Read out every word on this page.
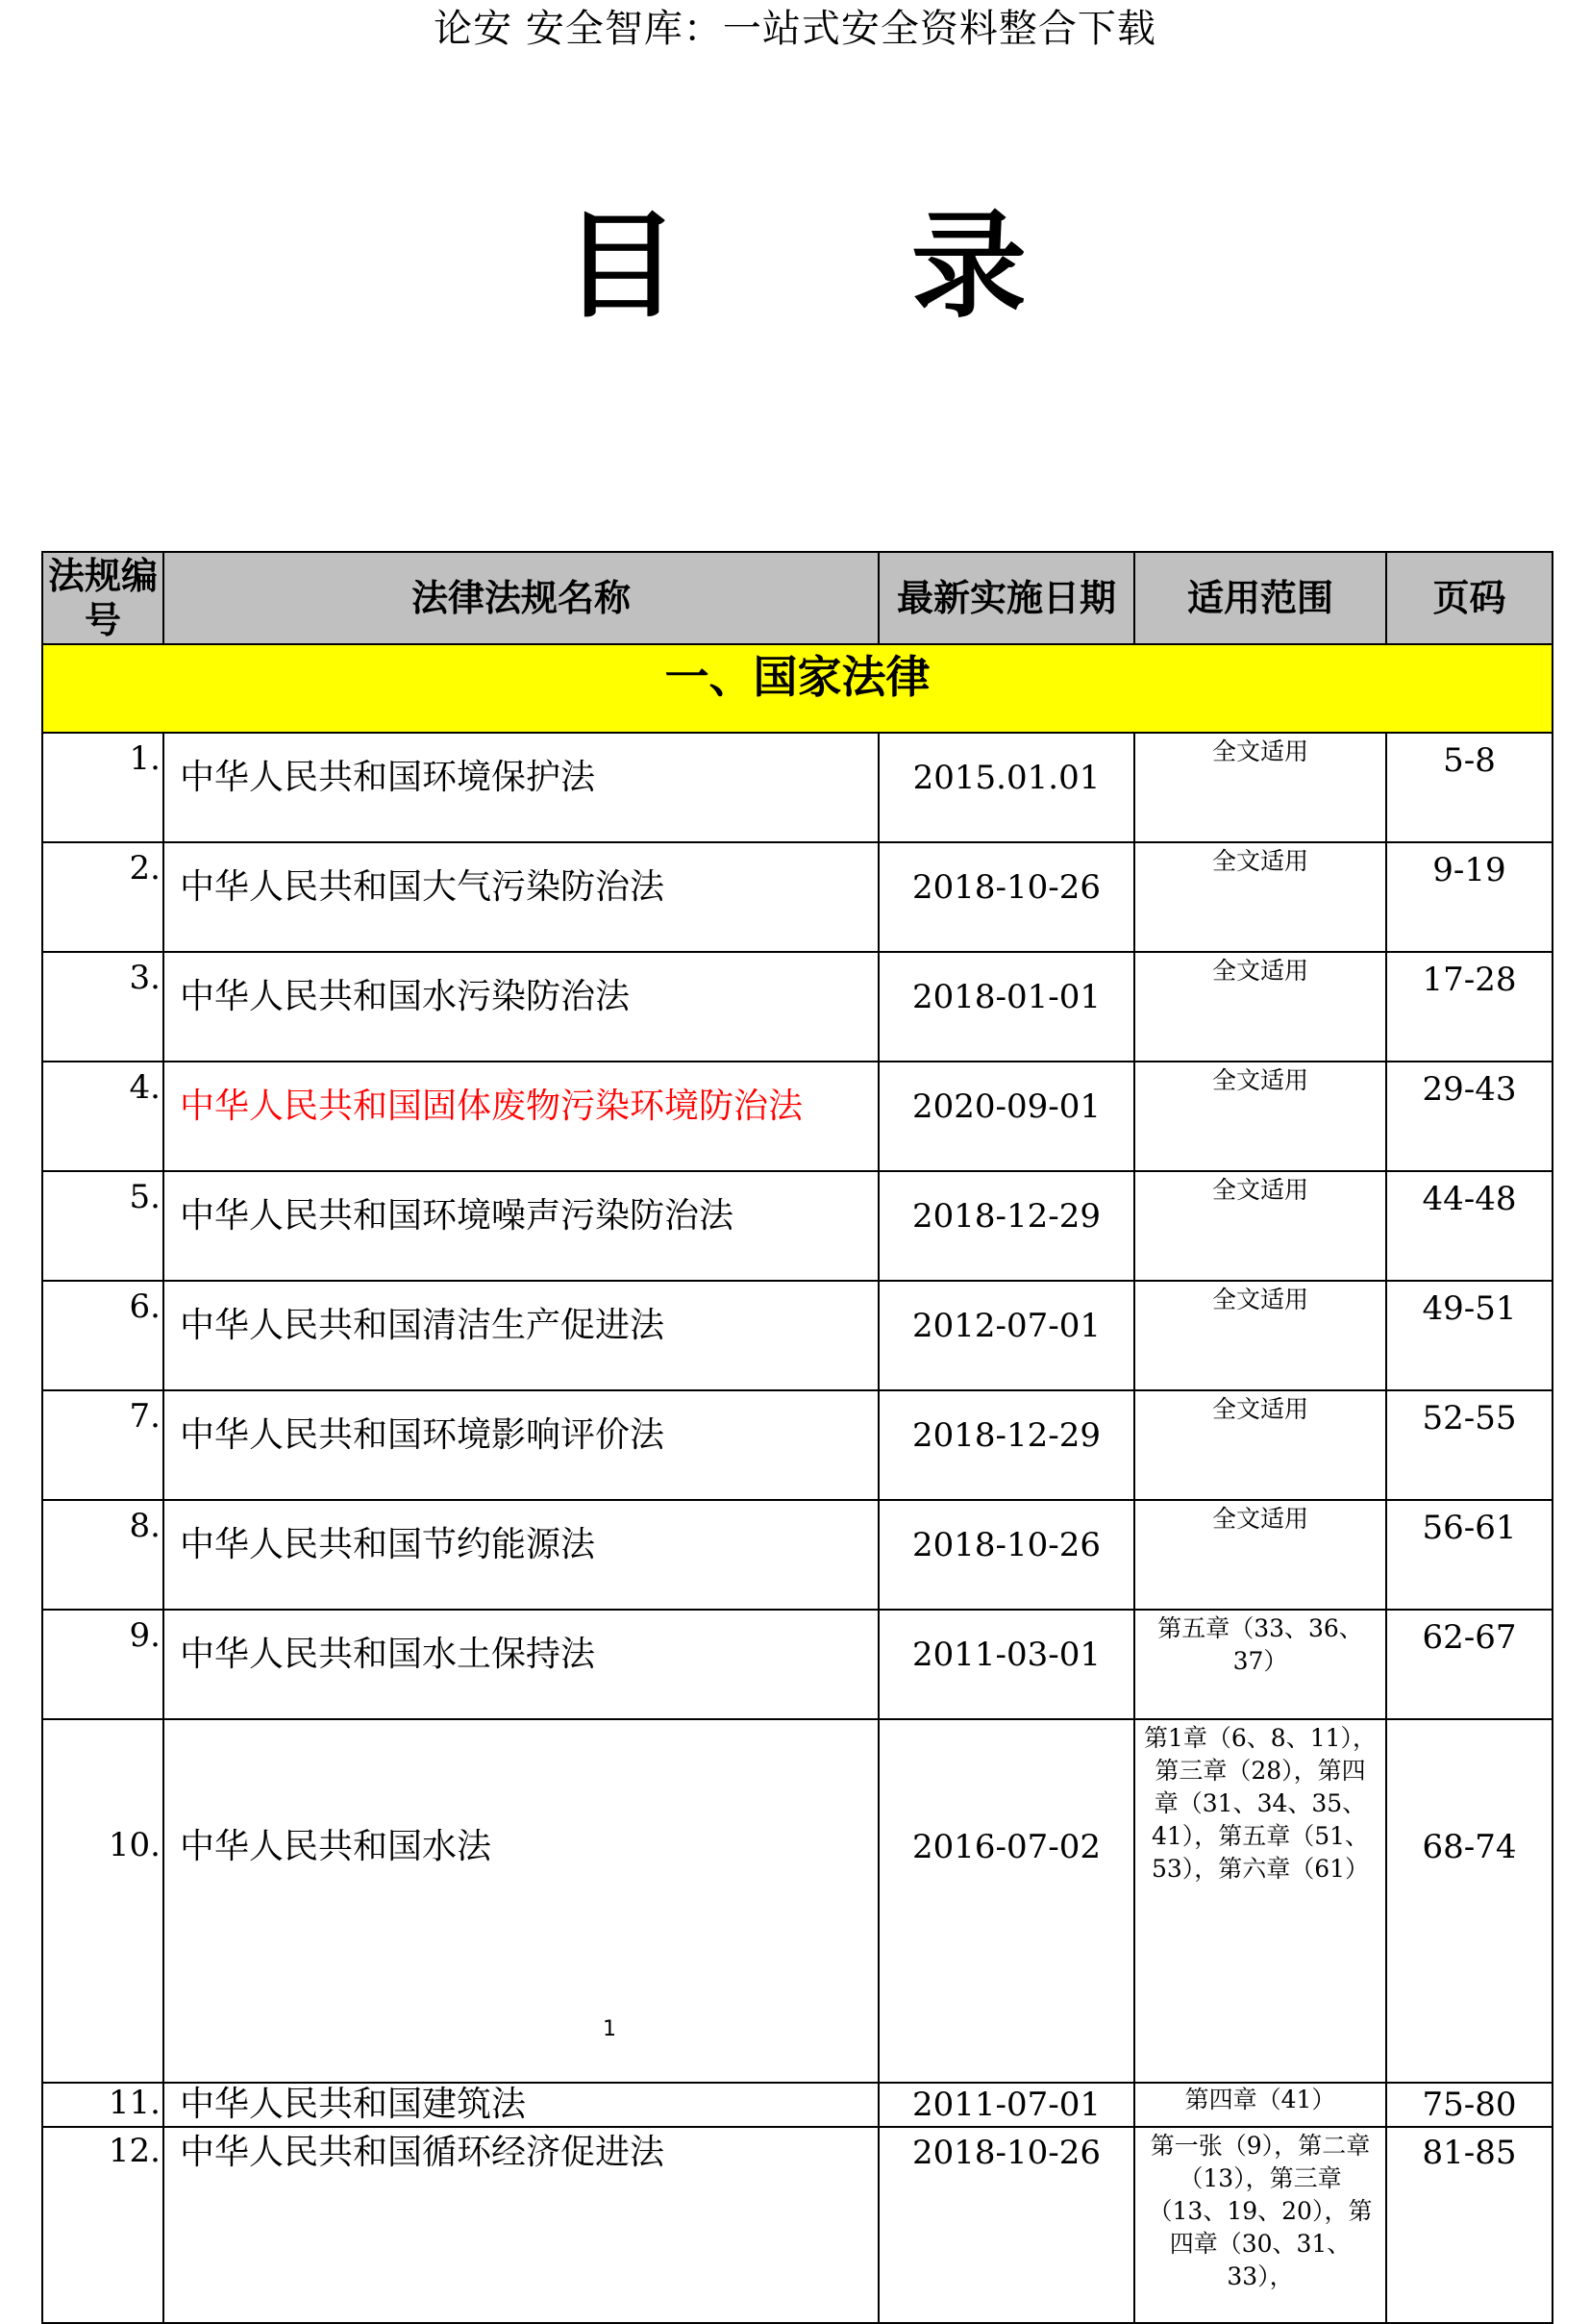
论安 安全智库：一站式安全资料整合下载
目 录
法规编号	法律法规名称	最新实施日期	适用范围	页码
一、国家法律				
1.	中华人民共和国环境保护法	2015.01.01	全文适用	5-8
2.	中华人民共和国大气污染防治法	2018-10-26	全文适用	9-19
3.	中华人民共和国水污染防治法	2018-01-01	全文适用	17-28
4.	中华人民共和国固体废物污染环境防治法	2020-09-01	全文适用	29-43
5.	中华人民共和国环境噪声污染防治法	2018-12-29	全文适用	44-48
6.	中华人民共和国清洁生产促进法	2012-07-01	全文适用	49-51
7.	中华人民共和国环境影响评价法	2018-12-29	全文适用	52-55
8.	中华人民共和国节约能源法	2018-10-26	全文适用	56-61
9.	中华人民共和国水土保持法	2011-03-01	第五章（33、36、37）	62-67
10.	中华人民共和国水法	2016-07-02	第1章（6、8、11），第三章（28），第四章（31、34、35、41），第五章（51、53），第六章（61）	68-74
11.	中华人民共和国建筑法	2011-07-01	第四章（41）	75-80
12.	中华人民共和国循环经济促进法	2018-10-26	第一张（9），第二章（13），第三章（13、19、20），第四章（30、31、33），	81-85
1
